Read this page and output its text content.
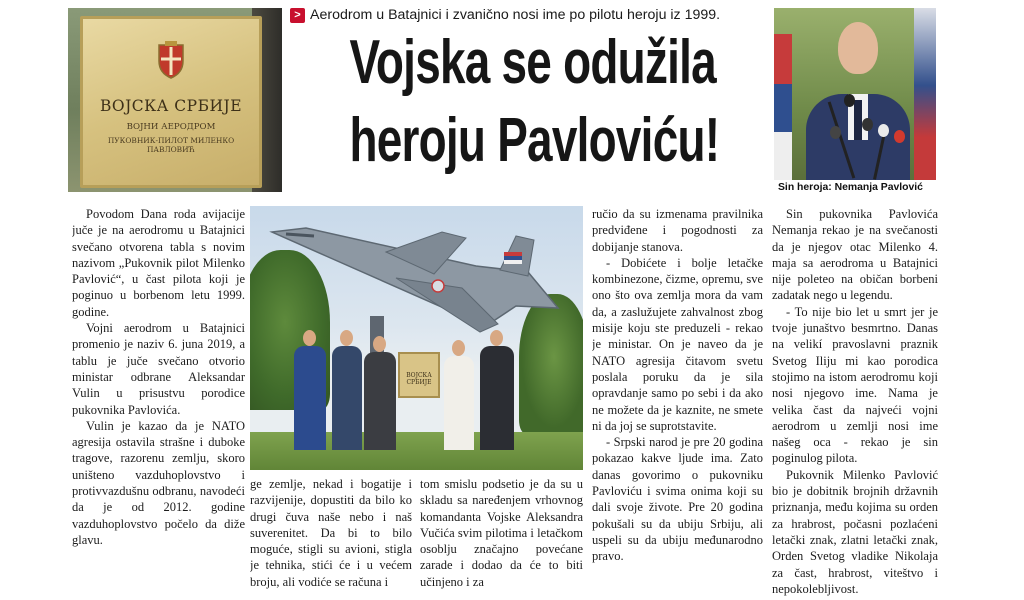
ВОЈСКА СРБИЈЕ
ВОЈНИ АЕРОДРОМ
ПУКОВНИК-ПИЛОТ МИЛЕНКО ПАВЛОВИЋ
> Aerodrom u Batajnici i zvanično nosi ime po pilotu heroju iz 1999.
Vojska se odužila
heroju Pavloviću!
Sin heroja: Nemanja Pavlović

Povodom Dana roda avijacije juče je na aerodromu u Batajnici svečano otvorena tabla s novim nazivom „Pukovnik pilot Milenko Pavlović“, u čast pilota koji je poginuo u borbenom letu 1999. godine.

Vojni aerodrom u Batajnici promenio je naziv 6. juna 2019, a tablu je juče svečano otvorio ministar odbrane Aleksandar Vulin u prisustvu porodice pukovnika Pavlovića.

Vulin je kazao da je NATO agresija ostavila strašne i duboke tragove, razorenu zemlju, skoro uništeno vazduhoplovstvo i protivvazdušnu odbranu, navodeći da je od 2012. godine vazduhoplovstvo počelo da diže glavu.

ВОЈСКА СРБИЈЕ

ge zemlje, nekad i bogatije i razvijenije, dopustiti da bilo ko drugi čuva naše nebo i naš suverenitet. Da bi to bilo moguće, stigli su avioni, stigla je tehnika, stići će i u većem broju, ali vodiće se računa i

tom smislu podsetio je da su u skladu sa naređenjem vrhovnog komandanta Vojske Aleksandra Vučića svim pilotima i letačkom osoblju značajno povećane zarade i dodao da će to biti učinjeno i za

ručio da su izmenama pravilnika predviđene i pogodnosti za dobijanje stanova.

- Dobićete i bolje letačke kombinezone, čizme, opremu, sve ono što ova zemlja mora da vam da, a zaslužujete zahvalnost zbog misije koju ste preduzeli - rekao je ministar. On je naveo da je NATO agresija čitavom svetu poslala poruku da je sila opravdanje samo po sebi i da ako ne možete da je kaznite, ne smete ni da joj se suprotstavite.

- Srpski narod je pre 20 godina pokazao kakve ljude ima. Zato danas govorimo o pukovniku Pavloviću i svima onima koji su dali svoje živote. Pre 20 godina pokušali su da ubiju Srbiju, ali uspeli su da ubiju međunarodno pravo.

Sin pukovnika Pavlovića Nemanja rekao je na svečanosti da je njegov otac Milenko 4. maja sa aerodroma u Batajnici nije poleteo na običan borbeni zadatak nego u legendu.

- To nije bio let u smrt jer je tvoje junaštvo besmrtno. Danas na velikí pravoslavni praznik Svetog Iliju mi kao porodica stojimo na istom aerodromu koji nosi njegovo ime. Nama je velika čast da najveći vojni aerodrom u zemlji nosi ime našeg oca - rekao je sin poginulog pilota.

Pukovnik Milenko Pavlović bio je dobitnik brojnih državnih priznanja, među kojima su orden za hrabrost, počasni pozlaćeni letački znak, zlatni letački znak, Orden Svetog vladike Nikolaja za čast, hrabrost, viteštvo i nepokolebljivost.
